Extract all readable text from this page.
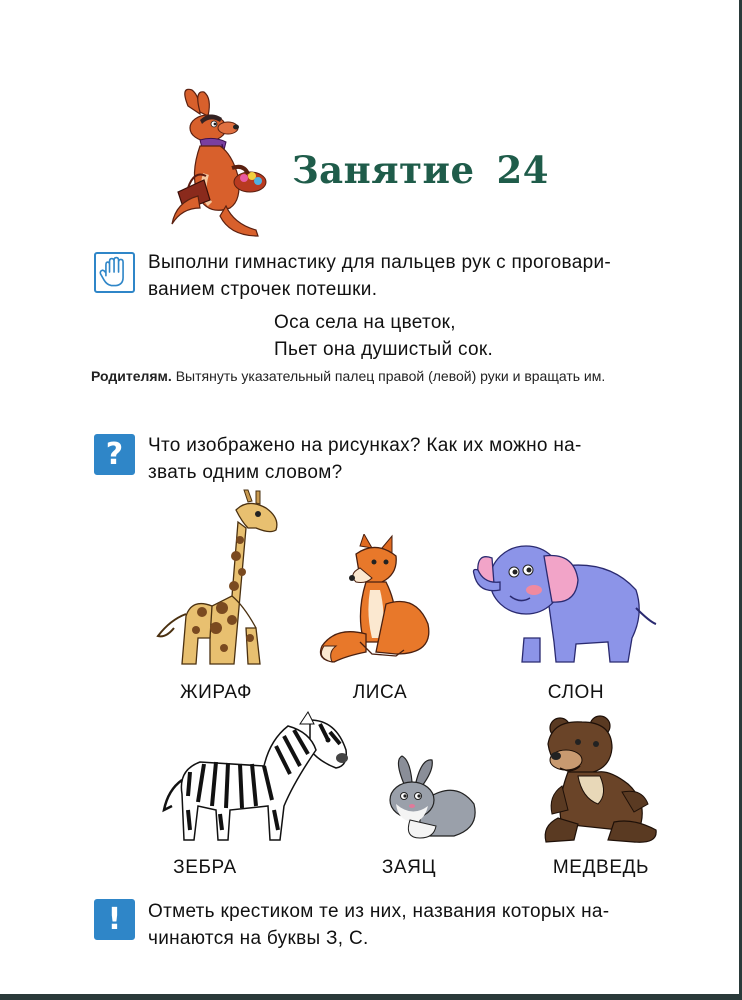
Занятие 24
Выполни гимнастику для пальцев рук с проговари-
ванием строчек потешки.
Оса села на цветок,
Пьет она душистый сок.
Родителям. Вытянуть указательный палец правой (левой) руки и вращать им.
?	Что изображено на рисунках? Как их можно на-
звать одним словом?
ЖИРАФ	ЛИСА	СЛОН
ЗЕБРА	ЗАЯЦ	МЕДВЕДЬ
!	Отметь крестиком те из них, названия которых на-
чинаются на буквы З, С.
